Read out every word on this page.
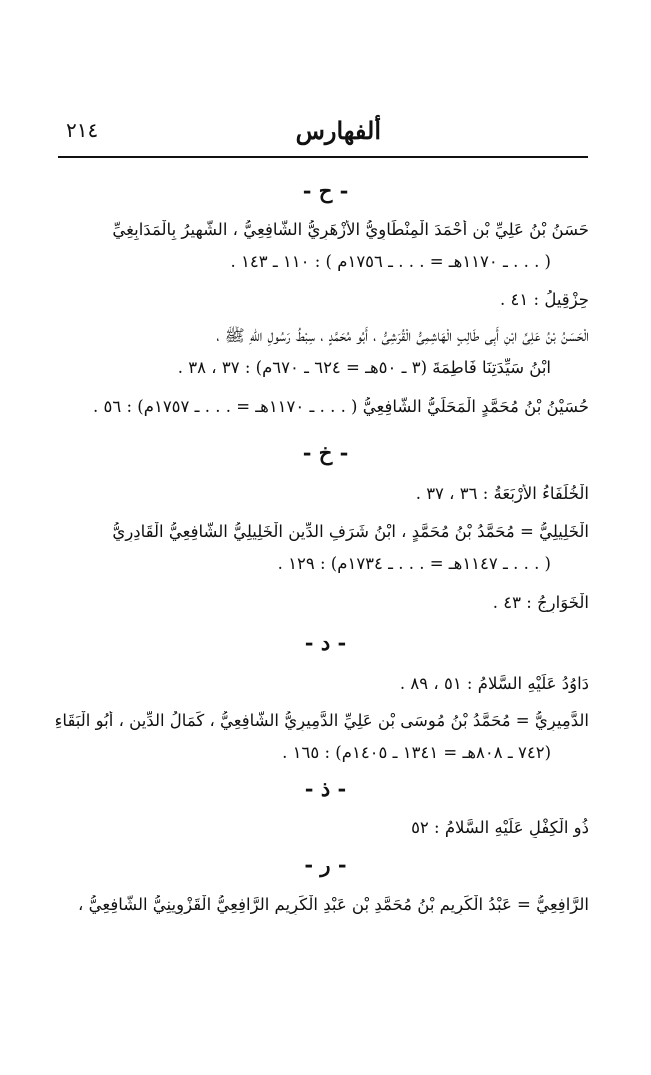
٢١٤	ألفهارس
- ح -
حَسَنُ بْنُ عَلِيِّ بْنِ أَحْمَدَ الْمِنْطَاوِيُّ الأَزْهَرِيُّ الشَّافِعِيُّ ، الشَّهِيرُ بِالْمَدَابِغِيِّ
( . . . ـ ١١٧٠هـ = . . . ـ ١٧٥٦م ) : ١١٠ ـ ١٤٣ .
حِزْقِيلُ : ٤١ .
الْحَسَنُ بْنُ عَلِيِّ ابْنِ أَبِي طَالِبٍ الْهَاشِمِيُّ الْقُرَشِيُّ ، أَبُو مُحَمَّدٍ ، سِبْطُ رَسُولِ اللهِ ﷺ ،
ابْنُ سَيِّدَتِنَا فَاطِمَةَ (٣ ـ ٥٠هـ = ٦٢٤ ـ ٦٧٠م) : ٣٧ ، ٣٨ .
حُسَيْنُ بْنُ مُحَمَّدٍ الْمَحَلِّيُّ الشَّافِعِيُّ ( . . . ـ ١١٧٠هـ = . . . ـ ١٧٥٧م) : ٥٦ .
- خ -
الْخُلَفَاءُ الأَرْبَعَةُ : ٣٦ ، ٣٧ .
الْخَلِيلِيُّ = مُحَمَّدُ بْنُ مُحَمَّدٍ ، ابْنُ شَرَفِ الدِّينِ الْخَلِيلِيُّ الشَّافِعِيُّ الْقَادِرِيُّ
( . . . ـ ١١٤٧هـ = . . . ـ ١٧٣٤م) : ١٢٩ .
الْخَوَارِجُ : ٤٣ .
- د -
دَاوُدُ عَلَيْهِ السَّلامُ : ٥١ ، ٨٩ .
الدَّمِيرِيُّ = مُحَمَّدُ بْنُ مُوسَى بْنِ عَلِيِّ الدَّمِيرِيُّ الشَّافِعِيُّ ، كَمَالُ الدِّينِ ، أَبُو الْبَقَاءِ
(٧٤٢ ـ ٨٠٨هـ = ١٣٤١ ـ ١٤٠٥م) : ١٦٥ .
- ذ -
ذُو الْكِفْلِ عَلَيْهِ السَّلامُ : ٥٢
- ر -
الرَّافِعِيُّ = عَبْدُ الْكَرِيمِ بْنُ مُحَمَّدِ بْنِ عَبْدِ الْكَرِيمِ الرَّافِعِيُّ الْقَزْوِينِيُّ الشَّافِعِيُّ ،
